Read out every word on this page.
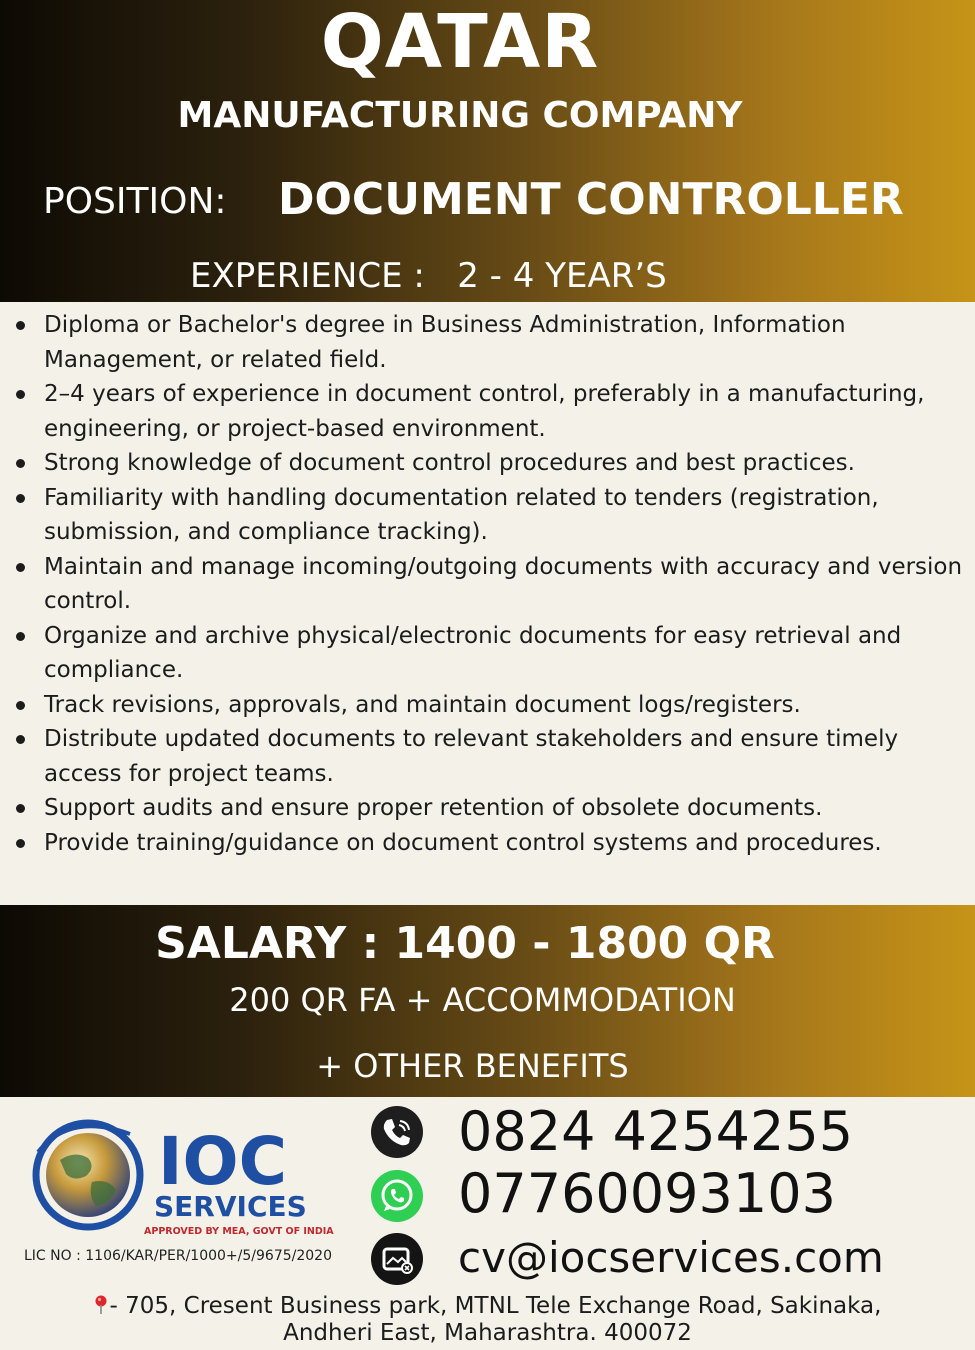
QATAR
MANUFACTURING COMPANY
POSITION: DOCUMENT CONTROLLER
EXPERIENCE :   2 - 4 YEAR’S
Diploma or Bachelor's degree in Business Administration, Information Management, or related field.
2–4 years of experience in document control, preferably in a manufacturing, engineering, or project-based environment.
Strong knowledge of document control procedures and best practices.
Familiarity with handling documentation related to tenders (registration, submission, and compliance tracking).
Maintain and manage incoming/outgoing documents with accuracy and version control.
Organize and archive physical/electronic documents for easy retrieval and compliance.
Track revisions, approvals, and maintain document logs/registers.
Distribute updated documents to relevant stakeholders and ensure timely access for project teams.
Support audits and ensure proper retention of obsolete documents.
Provide training/guidance on document control systems and procedures.
SALARY : 1400 - 1800 QR
200 QR FA + ACCOMMODATION
+ OTHER BENEFITS
IOC
SERVICES
APPROVED BY MEA, GOVT OF INDIA
LIC NO : 1106/KAR/PER/1000+/5/9675/2020
0824 4254255
07760093103
cv@iocservices.com
- 705, Cresent Business park, MTNL Tele Exchange Road, Sakinaka,
Andheri East, Maharashtra. 400072
